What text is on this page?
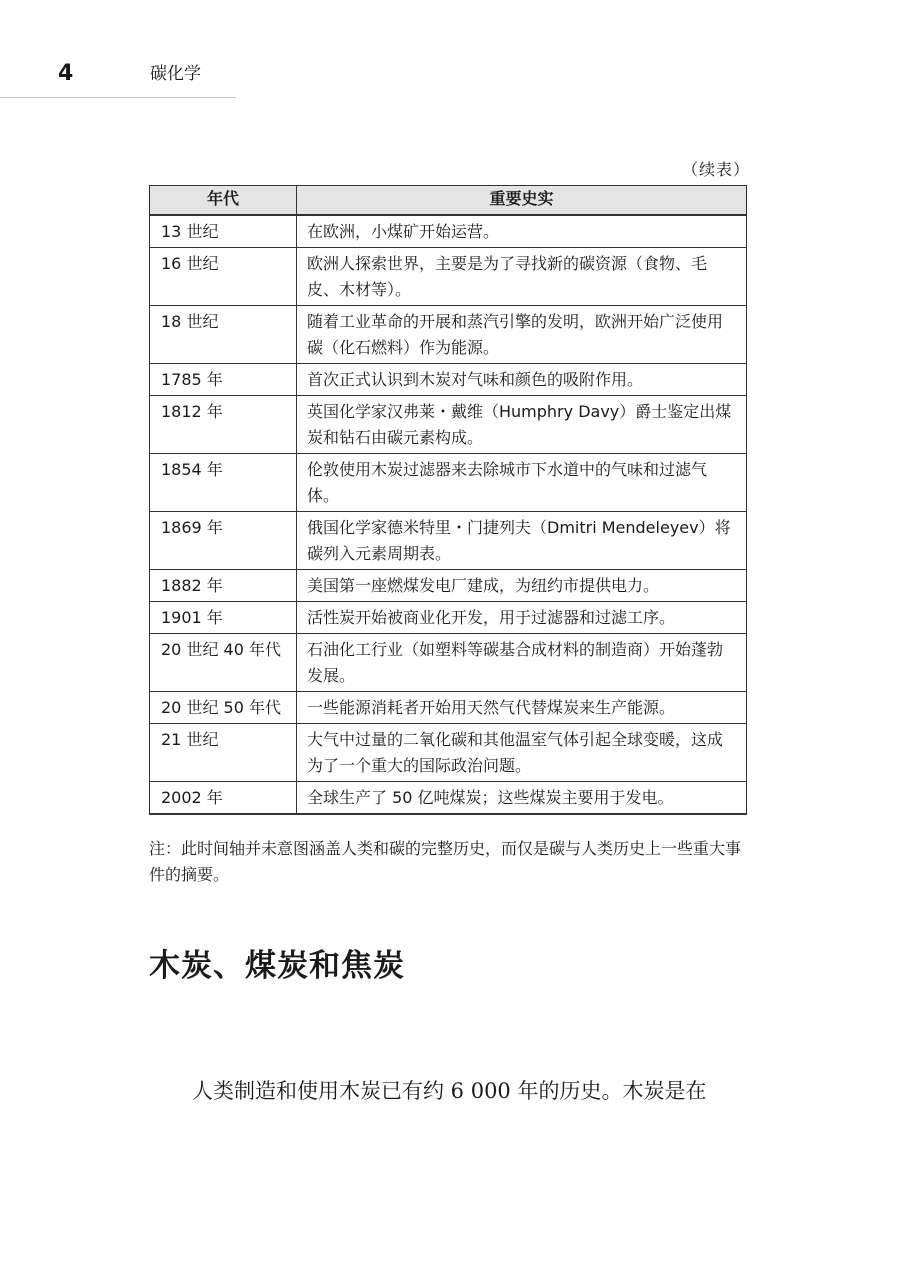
4	碳化学
（续表）
年代	重要史实
13 世纪	在欧洲，小煤矿开始运营。
16 世纪	欧洲人探索世界，主要是为了寻找新的碳资源（食物、毛皮、木材等）。
18 世纪	随着工业革命的开展和蒸汽引擎的发明，欧洲开始广泛使用碳（化石燃料）作为能源。
1785 年	首次正式认识到木炭对气味和颜色的吸附作用。
1812 年	英国化学家汉弗莱・戴维（Humphry Davy）爵士鉴定出煤炭和钻石由碳元素构成。
1854 年	伦敦使用木炭过滤器来去除城市下水道中的气味和过滤气体。
1869 年	俄国化学家德米特里・门捷列夫（Dmitri Mendeleyev）将碳列入元素周期表。
1882 年	美国第一座燃煤发电厂建成，为纽约市提供电力。
1901 年	活性炭开始被商业化开发，用于过滤器和过滤工序。
20 世纪 40 年代	石油化工行业（如塑料等碳基合成材料的制造商）开始蓬勃发展。
20 世纪 50 年代	一些能源消耗者开始用天然气代替煤炭来生产能源。
21 世纪	大气中过量的二氧化碳和其他温室气体引起全球变暖，这成为了一个重大的国际政治问题。
2002 年	全球生产了 50 亿吨煤炭；这些煤炭主要用于发电。
注：此时间轴并未意图涵盖人类和碳的完整历史，而仅是碳与人类历史上一些重大事件的摘要。
木炭、煤炭和焦炭

人类制造和使用木炭已有约 6 000 年的历史。木炭是在
